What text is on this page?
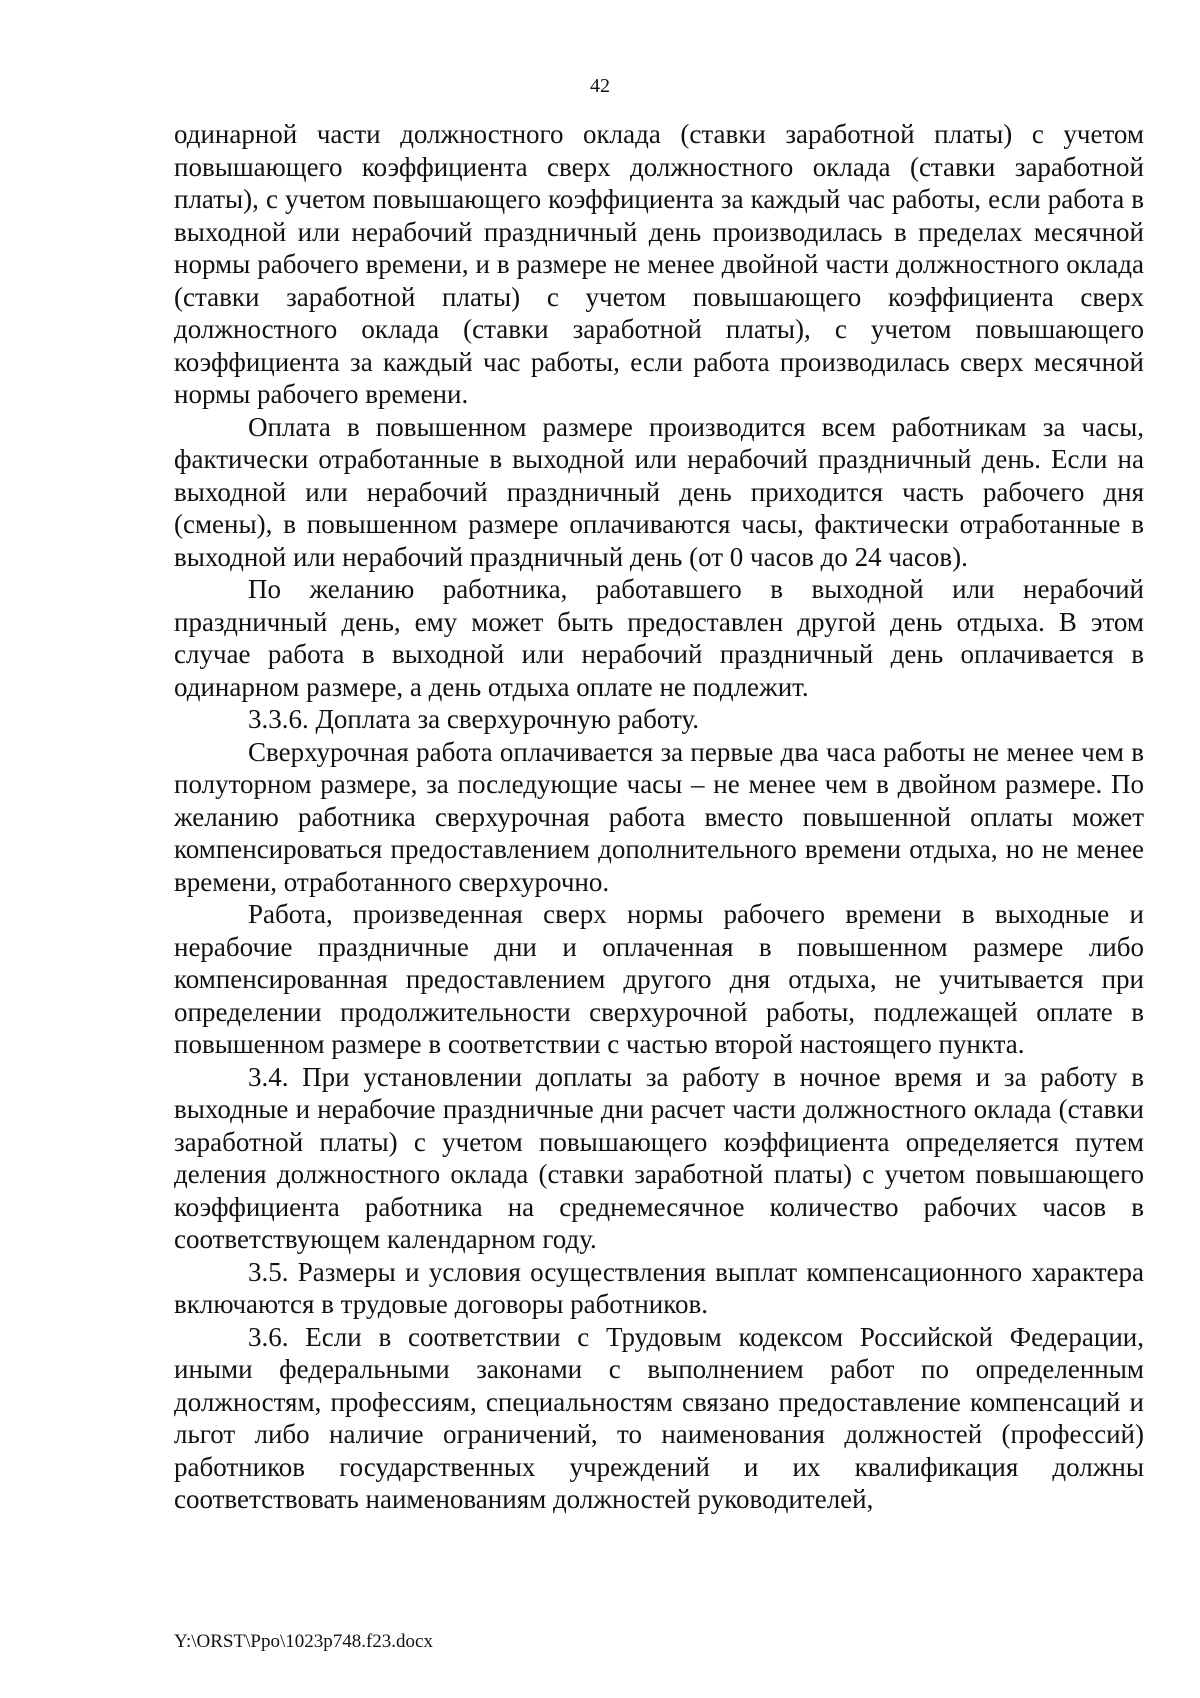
42

одинарной части должностного оклада (ставки заработной платы) с учетом повышающего коэффициента сверх должностного оклада (ставки заработной платы), с учетом повышающего коэффициента за каждый час работы, если работа в выходной или нерабочий праздничный день производилась в пределах месячной нормы рабочего времени, и в размере не менее двойной части должностного оклада (ставки заработной платы) с учетом повышающего коэффициента сверх должностного оклада (ставки заработной платы), с учетом повышающего коэффициента за каждый час работы, если работа производилась сверх месячной нормы рабочего времени.

Оплата в повышенном размере производится всем работникам за часы, фактически отработанные в выходной или нерабочий праздничный день. Если на выходной или нерабочий праздничный день приходится часть рабочего дня (смены), в повышенном размере оплачиваются часы, фактически отработанные в выходной или нерабочий праздничный день (от 0 часов до 24 часов).

По желанию работника, работавшего в выходной или нерабочий праздничный день, ему может быть предоставлен другой день отдыха. В этом случае работа в выходной или нерабочий праздничный день оплачивается в одинарном размере, а день отдыха оплате не подлежит.

3.3.6. Доплата за сверхурочную работу.

Сверхурочная работа оплачивается за первые два часа работы не менее чем в полуторном размере, за последующие часы – не менее чем в двойном размере. По желанию работника сверхурочная работа вместо повышенной оплаты может компенсироваться предоставлением дополнительного времени отдыха, но не менее времени, отработанного сверхурочно.

Работа, произведенная сверх нормы рабочего времени в выходные и нерабочие праздничные дни и оплаченная в повышенном размере либо компенсированная предоставлением другого дня отдыха, не учитывается при определении продолжительности сверхурочной работы, подлежащей оплате в повышенном размере в соответствии с частью второй настоящего пункта.

3.4. При установлении доплаты за работу в ночное время и за работу в выходные и нерабочие праздничные дни расчет части должностного оклада (ставки заработной платы) с учетом повышающего коэффициента определяется путем деления должностного оклада (ставки заработной платы) с учетом повышающего коэффициента работника на среднемесячное количество рабочих часов в соответствующем календарном году.

3.5. Размеры и условия осуществления выплат компенсационного характера включаются в трудовые договоры работников.

3.6. Если в соответствии с Трудовым кодексом Российской Федерации, иными федеральными законами с выполнением работ по определенным должностям, профессиям, специальностям связано предоставление компенсаций и льгот либо наличие ограничений, то наименования должностей (профессий) работников государственных учреждений и их квалификация должны соответствовать наименованиям должностей руководителей,

Y:\ORST\Ppo\1023p748.f23.docx
